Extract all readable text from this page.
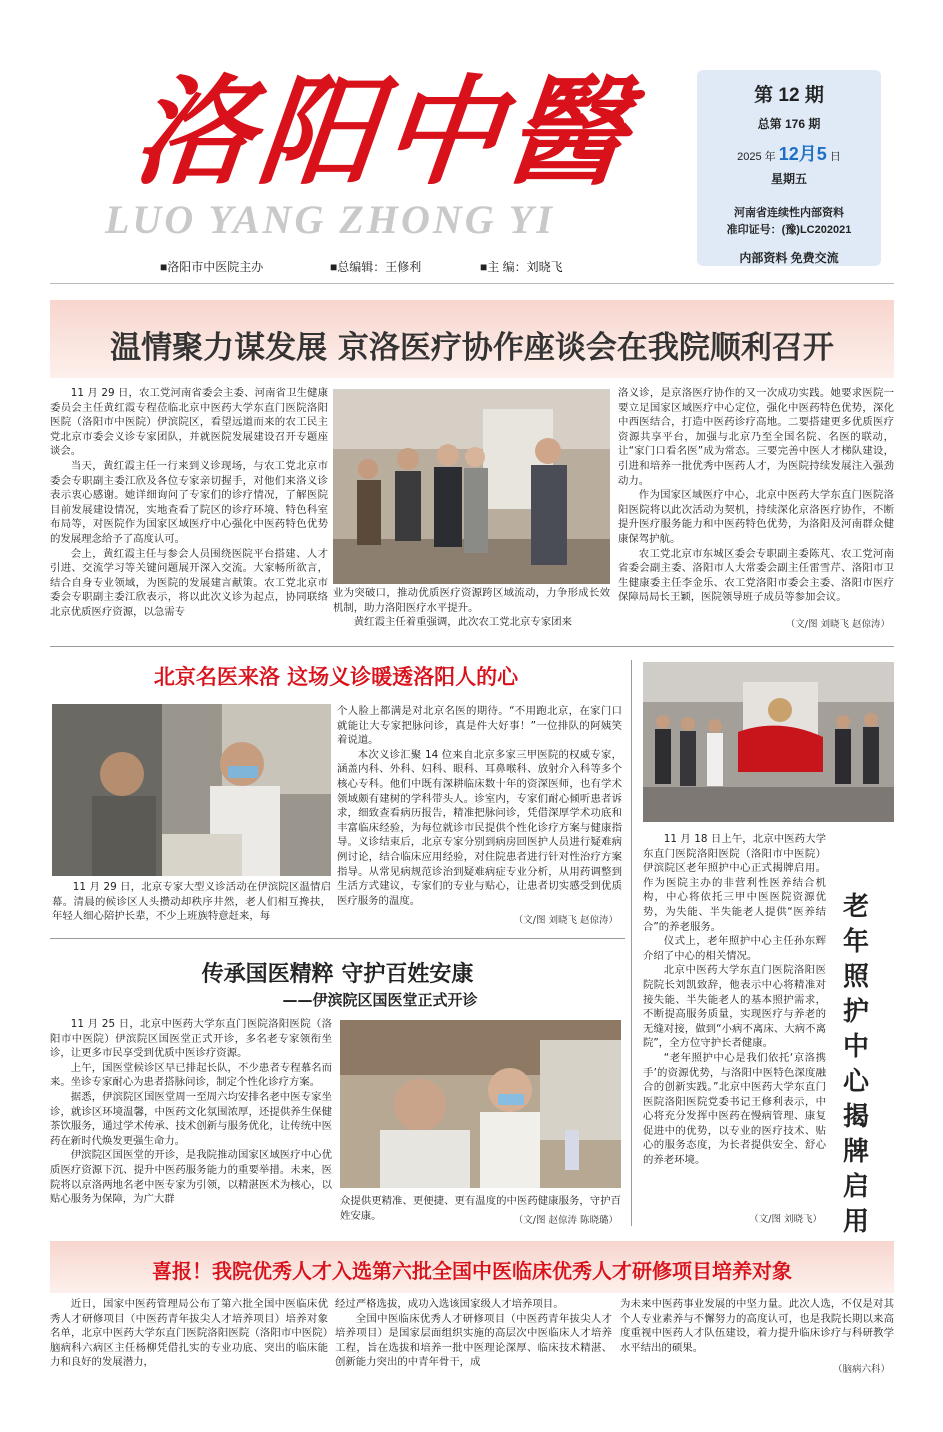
洛阳中醫
LUO YANG ZHONG YI
■洛阳市中医院主办	■总编辑：王修利	■主 编：刘晓飞
第 12 期
总第 176 期
2025 年 12月5 日
星期五
河南省连续性内部资料
准印证号：(豫)LC202021
内部资料 免费交流
温情聚力谋发展 京洛医疗协作座谈会在我院顺利召开

11 月 29 日，农工党河南省委会主委、河南省卫生健康委员会主任黄红霞专程莅临北京中医药大学东直门医院洛阳医院（洛阳市中医院）伊滨院区，看望远道而来的农工民主党北京市委会义诊专家团队，并就医院发展建设召开专题座谈会。

当天，黄红霞主任一行来到义诊现场，与农工党北京市委会专职副主委江欣及各位专家亲切握手，对他们来洛义诊表示衷心感谢。她详细询问了专家们的诊疗情况，了解医院目前发展建设情况，实地查看了院区的诊疗环境、特色科室布局等，对医院作为国家区域医疗中心强化中医药特色优势的发展理念给予了高度认可。

会上，黄红霞主任与参会人员围绕医院平台搭建、人才引进、交流学习等关键问题展开深入交流。大家畅所欲言，结合自身专业领域，为医院的发展建言献策。农工党北京市委会专职副主委江欣表示，将以此次义诊为起点，协同联络北京优质医疗资源，以急需专

业为突破口，推动优质医疗资源跨区域流动，力争形成长效机制，助力洛阳医疗水平提升。

黄红霞主任着重强调，此次农工党北京专家团来

洛义诊，是京洛医疗协作的又一次成功实践。她要求医院一要立足国家区域医疗中心定位，强化中医药特色优势，深化中西医结合，打造中医药诊疗高地。二要搭建更多优质医疗资源共享平台，加强与北京乃至全国名院、名医的联动，让“家门口看名医”成为常态。三要完善中医人才梯队建设，引进和培养一批优秀中医药人才，为医院持续发展注入强劲动力。

作为国家区域医疗中心，北京中医药大学东直门医院洛阳医院将以此次活动为契机，持续深化京洛医疗协作，不断提升医疗服务能力和中医药特色优势，为洛阳及河南群众健康保驾护航。

农工党北京市东城区委会专职副主委陈芃、农工党河南省委会副主委、洛阳市人大常委会副主任雷雪芹、洛阳市卫生健康委主任李金乐、农工党洛阳市委会主委、洛阳市医疗保障局局长王颖，医院领导班子成员等参加会议。

（文/图 刘晓飞 赵倞涛）
北京名医来洛 这场义诊暖透洛阳人的心

11 月 29 日，北京专家大型义诊活动在伊滨院区温情启幕。清晨的候诊区人头攒动却秩序井然，老人们相互搀扶，年轻人细心陪护长辈，不少上班族特意赶来，每

个人脸上都满是对北京名医的期待。“不用跑北京，在家门口就能让大专家把脉问诊，真是件大好事！”一位排队的阿姨笑着说道。

本次义诊汇聚 14 位来自北京多家三甲医院的权威专家，涵盖内科、外科、妇科、眼科、耳鼻喉科、放射介入科等多个核心专科。他们中既有深耕临床数十年的资深医师，也有学术领域颇有建树的学科带头人。诊室内，专家们耐心倾听患者诉求，细致查看病历报告，精准把脉问诊，凭借深厚学术功底和丰富临床经验，为每位就诊市民提供个性化诊疗方案与健康指导。义诊结束后，北京专家分别到病房回医护人员进行疑难病例讨论，结合临床应用经验，对住院患者进行针对性治疗方案指导。从常见病规范诊治到疑难病症专业分析，从用药调整到生活方式建议，专家们的专业与贴心，让患者切实感受到优质医疗服务的温度。

（文/图 刘晓飞 赵倞涛）
传承国医精粹 守护百姓安康
——伊滨院区国医堂正式开诊

11 月 25 日，北京中医药大学东直门医院洛阳医院（洛阳市中医院）伊滨院区国医堂正式开诊，多名老专家领衔坐诊，让更多市民享受到优质中医诊疗资源。

上午，国医堂候诊区早已排起长队，不少患者专程慕名而来。坐诊专家耐心为患者搭脉问诊，制定个性化诊疗方案。

据悉，伊滨院区国医堂周一至周六均安排名老中医专家坐诊，就诊区环境温馨，中医药文化氛围浓厚，还提供养生保健茶饮服务，通过学术传承、技术创新与服务优化，让传统中医药在新时代焕发更强生命力。

伊滨院区国医堂的开诊，是我院推动国家区域医疗中心优质医疗资源下沉、提升中医药服务能力的重要举措。未来，医院将以京洛两地名老中医专家为引领，以精湛医术为核心，以贴心服务为保障，为广大群	众提供更精准、更便捷、更有温度的中医药健康服务，守护百姓安康。	（文/图 赵倞涛 陈晓璐）

11 月 18 日上午，北京中医药大学东直门医院洛阳医院（洛阳市中医院）伊滨院区老年照护中心正式揭牌启用。作为医院主办的非营利性医养结合机构，中心将依托三甲中医医院资源优势，为失能、半失能老人提供“医养结合”的养老服务。

仪式上，老年照护中心主任孙东辉介绍了中心的相关情况。

北京中医药大学东直门医院洛阳医院院长刘凯致辞，他表示中心将精准对接失能、半失能老人的基本照护需求，不断提高服务质量，实现医疗与养老的无缝对接，做到“小病不离床、大病不离院”，全方位守护长者健康。

“老年照护中心是我们依托‘京洛携手’的资源优势，与洛阳中医特色深度融合的创新实践。”北京中医药大学东直门医院洛阳医院党委书记王修利表示，中心将充分发挥中医药在慢病管理、康复促进中的优势，以专业的医疗技术、贴心的服务态度，为长者提供安全、舒心的养老环境。

（文/图 刘晓飞）
老年照护中心揭牌启用
喜报！我院优秀人才入选第六批全国中医临床优秀人才研修项目培养对象

近日，国家中医药管理局公布了第六批全国中医临床优秀人才研修项目（中医药青年拔尖人才培养项目）培养对象名单，北京中医药大学东直门医院洛阳医院（洛阳市中医院）脑病科六病区主任杨柳凭借扎实的专业功底、突出的临床能力和良好的发展潜力，

经过严格选拔，成功入选该国家级人才培养项目。

全国中医临床优秀人才研修项目（中医药青年拔尖人才培养项目）是国家层面组织实施的高层次中医临床人才培养工程，旨在选拔和培养一批中医理论深厚、临床技术精湛、创新能力突出的中青年骨干，成

为未来中医药事业发展的中坚力量。此次人选，不仅是对其个人专业素养与不懈努力的高度认可，也是我院长期以来高度重视中医药人才队伍建设，着力提升临床诊疗与科研教学水平结出的硕果。

（脑病六科）
